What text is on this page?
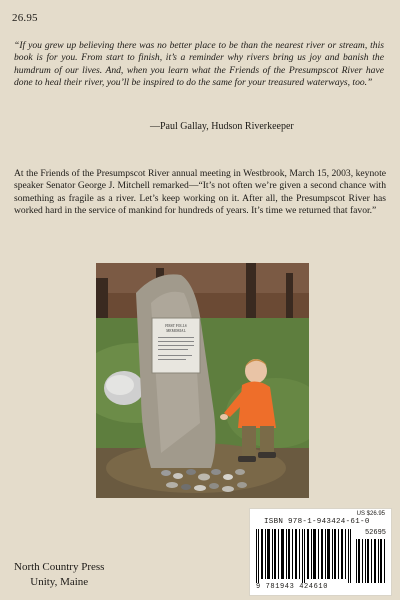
26.95
“If you grew up believing there was no better place to be than the nearest river or stream, this book is for you. From start to finish, it’s a reminder why rivers bring us joy and banish the humdrum of our lives. And, when you learn what the Friends of the Presumpscot River have done to heal their river, you’ll be inspired to do the same for your treasured waterways, too.”
—Paul Gallay, Hudson Riverkeeper
At the Friends of the Presumpscot River annual meeting in Westbrook, March 15, 2003, keynote speaker Senator George J. Mitchell remarked—“It’s not often we’re given a second chance with something as fragile as a river. Let’s keep working on it. After all, the Presumpscot River has worked hard in the service of mankind for hundreds of years. It’s time we returned that favor.”
FIRST FOLLS
MEMORIAL
US $26.95
ISBN 978-1-943424-61-0
52695
9 781943 424610
North Country Press
Unity, Maine
